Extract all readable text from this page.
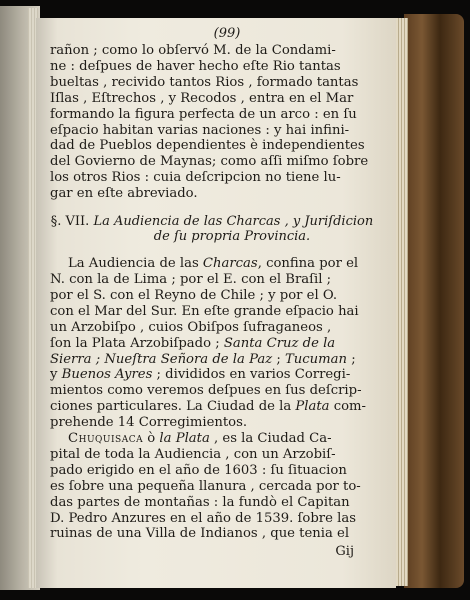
(99)

rañon ; como lo obſervó M. de la Condami-
ne : deſpues de haver hecho eſte Rio tantas
bueltas , recivido tantos Rios , formado tantas
Iſlas , Eſtrechos , y Recodos , entra en el Mar
formando la figura perfecta de un arco : en ſu
eſpacio habitan varias naciones : y hai infini-
dad de Pueblos dependientes è independientes
del Govierno de Maynas; como aſſi miſmo ſobre
los otros Rios : cuia deſcripcion no tiene lu-
gar en eſte abreviado.

§. VII. La Audiencia de las Charcas , y Juriſdicion
de ſu propria Provincia.

La Audiencia de las Charcas, confina por el
N. con la de Lima ; por el E. con el Braſil ;
por el S. con el Reyno de Chile ; y por el O.
con el Mar del Sur. En eſte grande eſpacio hai
un Arzobiſpo , cuios Obiſpos ſufraganeos ,
ſon la Plata Arzobiſpado ; Santa Cruz de la
Sierra ; Nueſtra Señora de la Paz ; Tucuman ;
y Buenos Ayres ; divididos en varios Corregi-
mientos como veremos deſpues en ſus deſcrip-
ciones particulares. La Ciudad de la Plata com-
prehende 14 Corregimientos.

Chuquisaca ò la Plata , es la Ciudad Ca-
pital de toda la Audiencia , con un Arzobiſ-
pado erigido en el año de 1603 : ſu ſituacion
es ſobre una pequeña llanura , cercada por to-
das partes de montañas : la fundò el Capitan
D. Pedro Anzures en el año de 1539. ſobre las
ruinas de una Villa de Indianos , que tenia el

Gij
